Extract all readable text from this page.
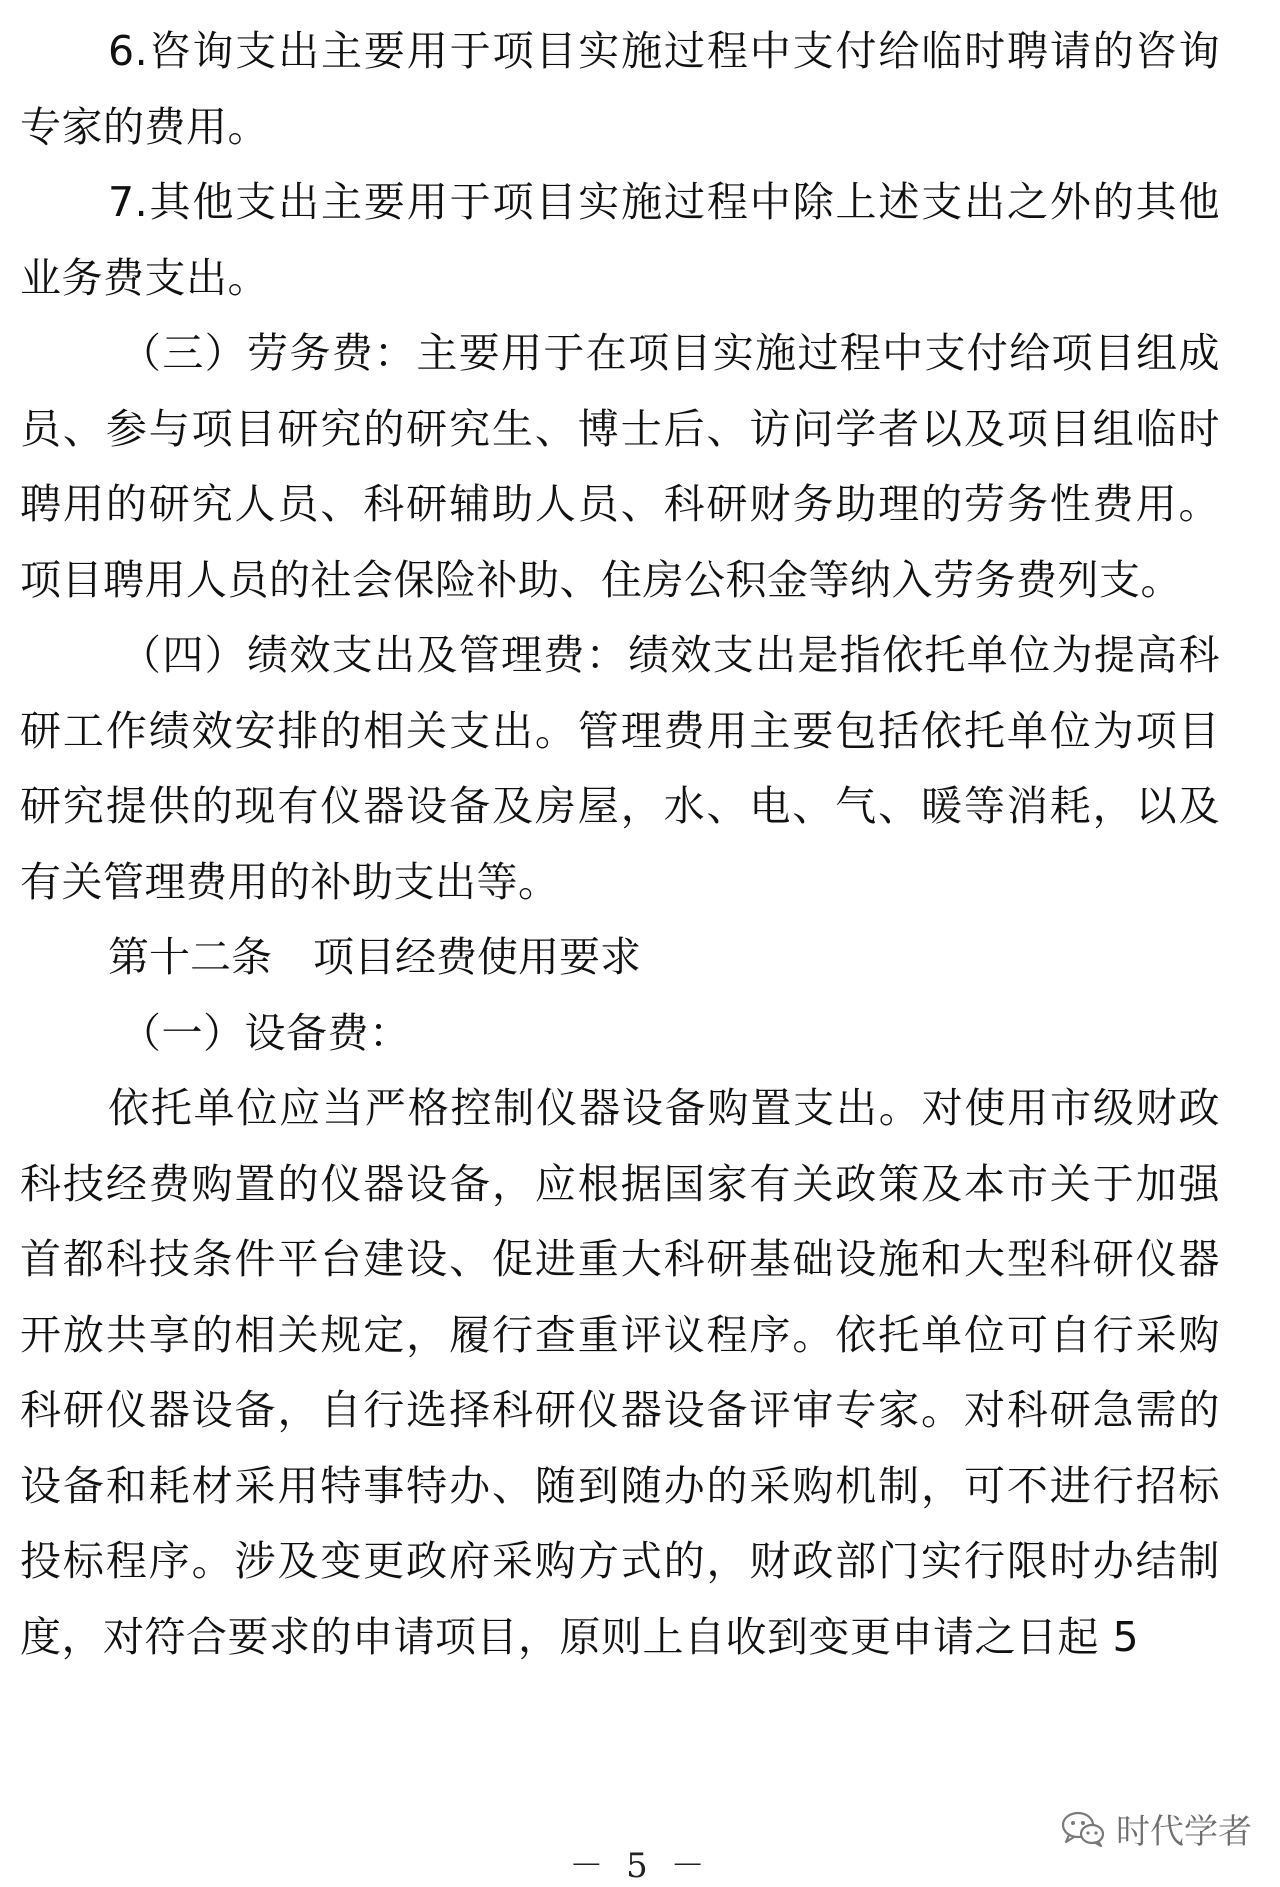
6.咨询支出主要用于项目实施过程中支付给临时聘请的咨询专家的费用。

7.其他支出主要用于项目实施过程中除上述支出之外的其他业务费支出。

（三）劳务费：主要用于在项目实施过程中支付给项目组成员、参与项目研究的研究生、博士后、访问学者以及项目组临时聘用的研究人员、科研辅助人员、科研财务助理的劳务性费用。项目聘用人员的社会保险补助、住房公积金等纳入劳务费列支。

（四）绩效支出及管理费：绩效支出是指依托单位为提高科研工作绩效安排的相关支出。管理费用主要包括依托单位为项目研究提供的现有仪器设备及房屋，水、电、气、暖等消耗，以及有关管理费用的补助支出等。

第十二条　项目经费使用要求

（一）设备费：

依托单位应当严格控制仪器设备购置支出。对使用市级财政科技经费购置的仪器设备，应根据国家有关政策及本市关于加强首都科技条件平台建设、促进重大科研基础设施和大型科研仪器开放共享的相关规定，履行查重评议程序。依托单位可自行采购科研仪器设备，自行选择科研仪器设备评审专家。对科研急需的设备和耗材采用特事特办、随到随办的采购机制，可不进行招标投标程序。涉及变更政府采购方式的，财政部门实行限时办结制度，对符合要求的申请项目，原则上自收到变更申请之日起 5

时代学者
－ 5 －
